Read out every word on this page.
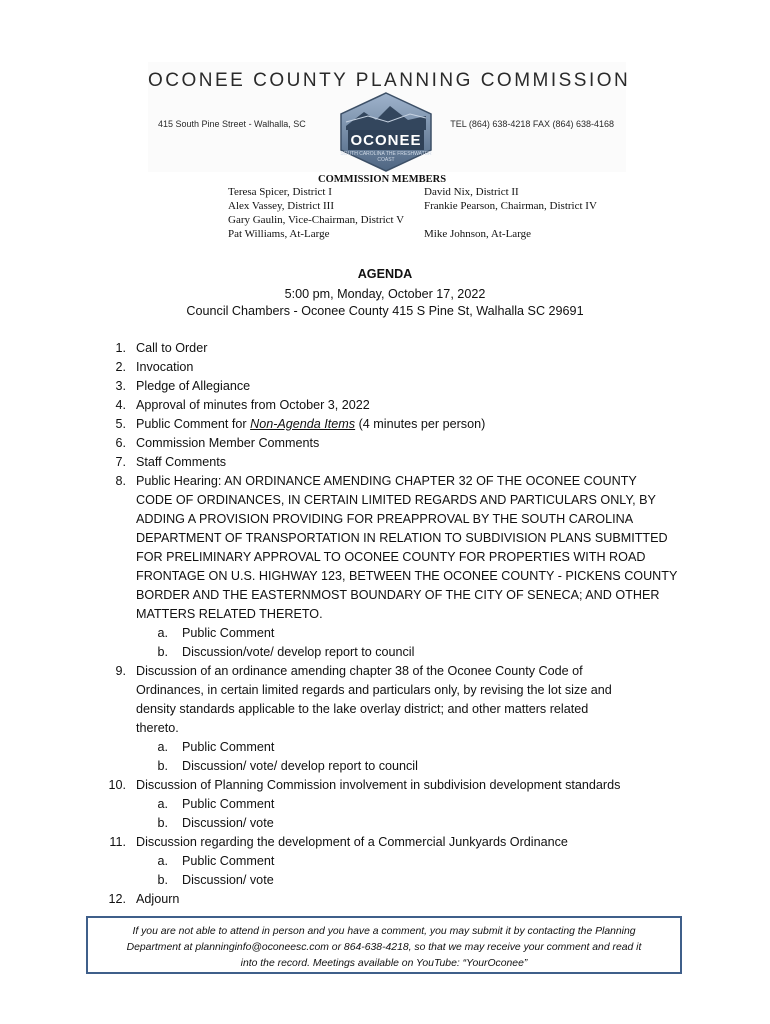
OCONEE COUNTY PLANNING COMMISSION
415 South Pine Street - Walhalla, SC	TEL (864) 638-4218 FAX (864) 638-4168
OCONEE
SOUTH CAROLINA THE FRESHWATER COAST
COMMISSION MEMBERS
Teresa Spicer, District I
Alex Vassey, District III
Gary Gaulin, Vice-Chairman, District V
Pat Williams, At-Large
David Nix, District II
Frankie Pearson, Chairman, District IV
Mike Johnson, At-Large
AGENDA
5:00 pm, Monday, October 17, 2022
Council Chambers - Oconee County 415 S Pine St, Walhalla SC 29691
1. Call to Order
2. Invocation
3. Pledge of Allegiance
4. Approval of minutes from October 3, 2022
5. Public Comment for Non-Agenda Items (4 minutes per person)
6. Commission Member Comments
7. Staff Comments
8. Public Hearing: AN ORDINANCE AMENDING CHAPTER 32 OF THE OCONEE COUNTY
CODE OF ORDINANCES, IN CERTAIN LIMITED REGARDS AND PARTICULARS ONLY, BY
ADDING A PROVISION PROVIDING FOR PREAPPROVAL BY THE SOUTH CAROLINA
DEPARTMENT OF TRANSPORTATION IN RELATION TO SUBDIVISION PLANS SUBMITTED
FOR PRELIMINARY APPROVAL TO OCONEE COUNTY FOR PROPERTIES WITH ROAD
FRONTAGE ON U.S. HIGHWAY 123, BETWEEN THE OCONEE COUNTY - PICKENS COUNTY
BORDER AND THE EASTERNMOST BOUNDARY OF THE CITY OF SENECA; AND OTHER
MATTERS RELATED THERETO.
a. Public Comment
b. Discussion/vote/ develop report to council
9. Discussion of an ordinance amending chapter 38 of the Oconee County Code of
Ordinances, in certain limited regards and particulars only, by revising the lot size and
density standards applicable to the lake overlay district; and other matters related
thereto.
a. Public Comment
b. Discussion/ vote/ develop report to council
10. Discussion of Planning Commission involvement in subdivision development standards
a. Public Comment
b. Discussion/ vote
11. Discussion regarding the development of a Commercial Junkyards Ordinance
a. Public Comment
b. Discussion/ vote
12. Adjourn
If you are not able to attend in person and you have a comment, you may submit it by contacting the Planning
Department at planninginfo@oconeesc.com or 864-638-4218, so that we may receive your comment and read it
into the record. Meetings available on YouTube: “YourOconee”
